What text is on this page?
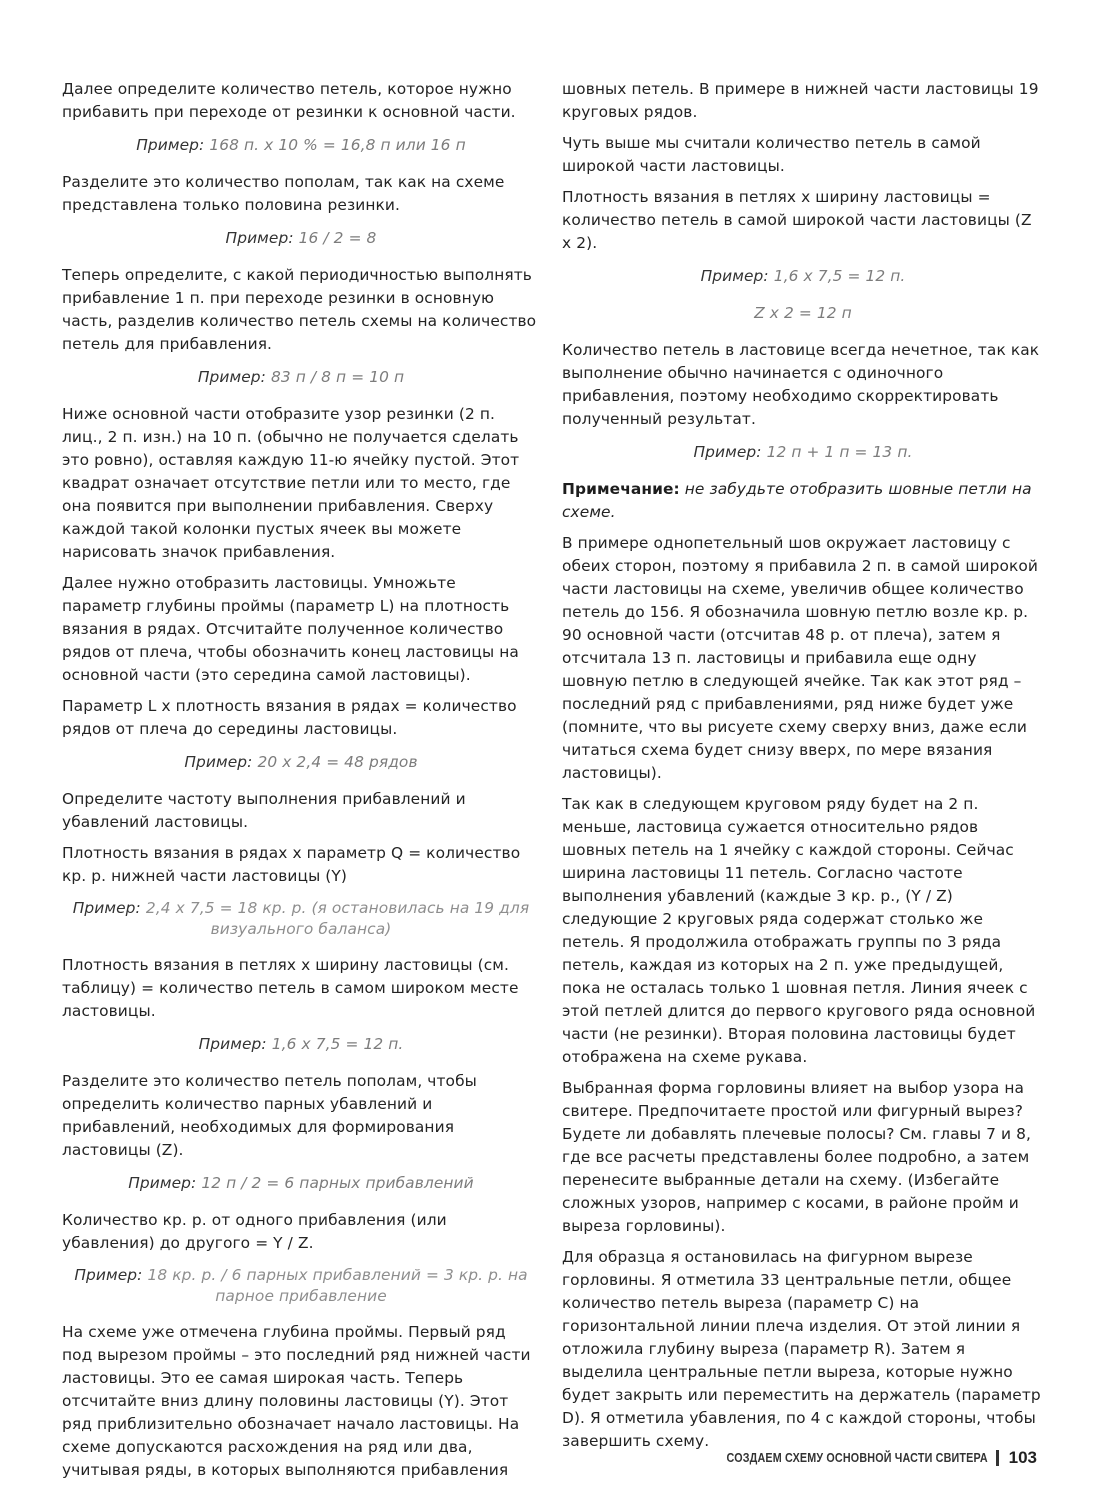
Далее определите количество петель, которое нужно прибавить при переходе от резинки к основной части.

Пример: 168 п. х 10 % = 16,8 п или 16 п

Разделите это количество пополам, так как на схеме представлена только половина резинки.

Пример: 16 / 2 = 8

Теперь определите, с какой периодичностью выполнять прибавление 1 п. при переходе резинки в основную часть, разделив количество петель схемы на количество петель для прибавления.

Пример: 83 п / 8 п = 10 п

Ниже основной части отобразите узор резинки (2 п. лиц., 2 п. изн.) на 10 п. (обычно не получается сделать это ровно), оставляя каждую 11-ю ячейку пустой. Этот квадрат означает отсутствие петли или то место, где она появится при выполнении прибавления. Сверху каждой такой колонки пустых ячеек вы можете нарисовать значок прибавления.

Далее нужно отобразить ластовицы. Умножьте параметр глубины проймы (параметр L) на плотность вязания в рядах. Отсчитайте полученное количество рядов от плеча, чтобы обозначить конец ластовицы на основной части (это середина самой ластовицы).

Параметр L x плотность вязания в рядах = количество рядов от плеча до середины ластовицы.

Пример: 20 x 2,4 = 48 рядов

Определите частоту выполнения прибавлений и убавлений ластовицы.

Плотность вязания в рядах x параметр Q = количество кр. р. нижней части ластовицы (Y)

Пример: 2,4 x 7,5 = 18 кр. р. (я остановилась на 19 для визуального баланса)

Плотность вязания в петлях x ширину ластовицы (см. таблицу) = количество петель в самом широком месте ластовицы.

Пример: 1,6 x 7,5 = 12 п.

Разделите это количество петель пополам, чтобы определить количество парных убавлений и прибавлений, необходимых для формирования ластовицы (Z).

Пример: 12 п / 2 = 6 парных прибавлений

Количество кр. р. от одного прибавления (или убавления) до другого = Y / Z.

Пример: 18 кр. р. / 6 парных прибавлений = 3 кр. р. на парное прибавление

На схеме уже отмечена глубина проймы. Первый ряд под вырезом проймы – это последний ряд нижней части ластовицы. Это ее самая широкая часть. Теперь отсчитайте вниз длину половины ластовицы (Y). Этот ряд приблизительно обозначает начало ластовицы. На схеме допускаются расхождения на ряд или два, учитывая ряды, в которых выполняются прибавления

шовных петель. В примере в нижней части ластовицы 19 круговых рядов.

Чуть выше мы считали количество петель в самой широкой части ластовицы.

Плотность вязания в петлях x ширину ластовицы = количество петель в самой широкой части ластовицы (Z x 2).

Пример: 1,6 x 7,5 = 12 п.

Z x 2 = 12 п

Количество петель в ластовице всегда нечетное, так как выполнение обычно начинается с одиночного прибавления, поэтому необходимо скорректировать полученный результат.

Пример: 12 п + 1 п = 13 п.

Примечание: не забудьте отобразить шовные петли на схеме.

В примере однопетельный шов окружает ластовицу с обеих сторон, поэтому я прибавила 2 п. в самой широкой части ластовицы на схеме, увеличив общее количество петель до 156. Я обозначила шовную петлю возле кр. р. 90 основной части (отсчитав 48 р. от плеча), затем я отсчитала 13 п. ластовицы и прибавила еще одну шовную петлю в следующей ячейке. Так как этот ряд – последний ряд с прибавлениями, ряд ниже будет уже (помните, что вы рисуете схему сверху вниз, даже если читаться схема будет снизу вверх, по мере вязания ластовицы).

Так как в следующем круговом ряду будет на 2 п. меньше, ластовица сужается относительно рядов шовных петель на 1 ячейку с каждой стороны. Сейчас ширина ластовицы 11 петель. Согласно частоте выполнения убавлений (каждые 3 кр. р., (Y / Z) следующие 2 круговых ряда содержат столько же петель. Я продолжила отображать группы по 3 ряда петель, каждая из которых на 2 п. уже предыдущей, пока не осталась только 1 шовная петля. Линия ячеек с этой петлей длится до первого кругового ряда основной части (не резинки). Вторая половина ластовицы будет отображена на схеме рукава.

Выбранная форма горловины влияет на выбор узора на свитере. Предпочитаете простой или фигурный вырез? Будете ли добавлять плечевые полосы? См. главы 7 и 8, где все расчеты представлены более подробно, а затем перенесите выбранные детали на схему. (Избегайте сложных узоров, например с косами, в районе пройм и выреза горловины).

Для образца я остановилась на фигурном вырезе горловины. Я отметила 33 центральные петли, общее количество петель выреза (параметр C) на горизонтальной линии плеча изделия. От этой линии я отложила глубину выреза (параметр R). Затем я выделила центральные петли выреза, которые нужно будет закрыть или переместить на держатель (параметр D). Я отметила убавления, по 4 с каждой стороны, чтобы завершить схему.

СОЗДАЕМ СХЕМУ ОСНОВНОЙ ЧАСТИ СВИТЕРА 103
